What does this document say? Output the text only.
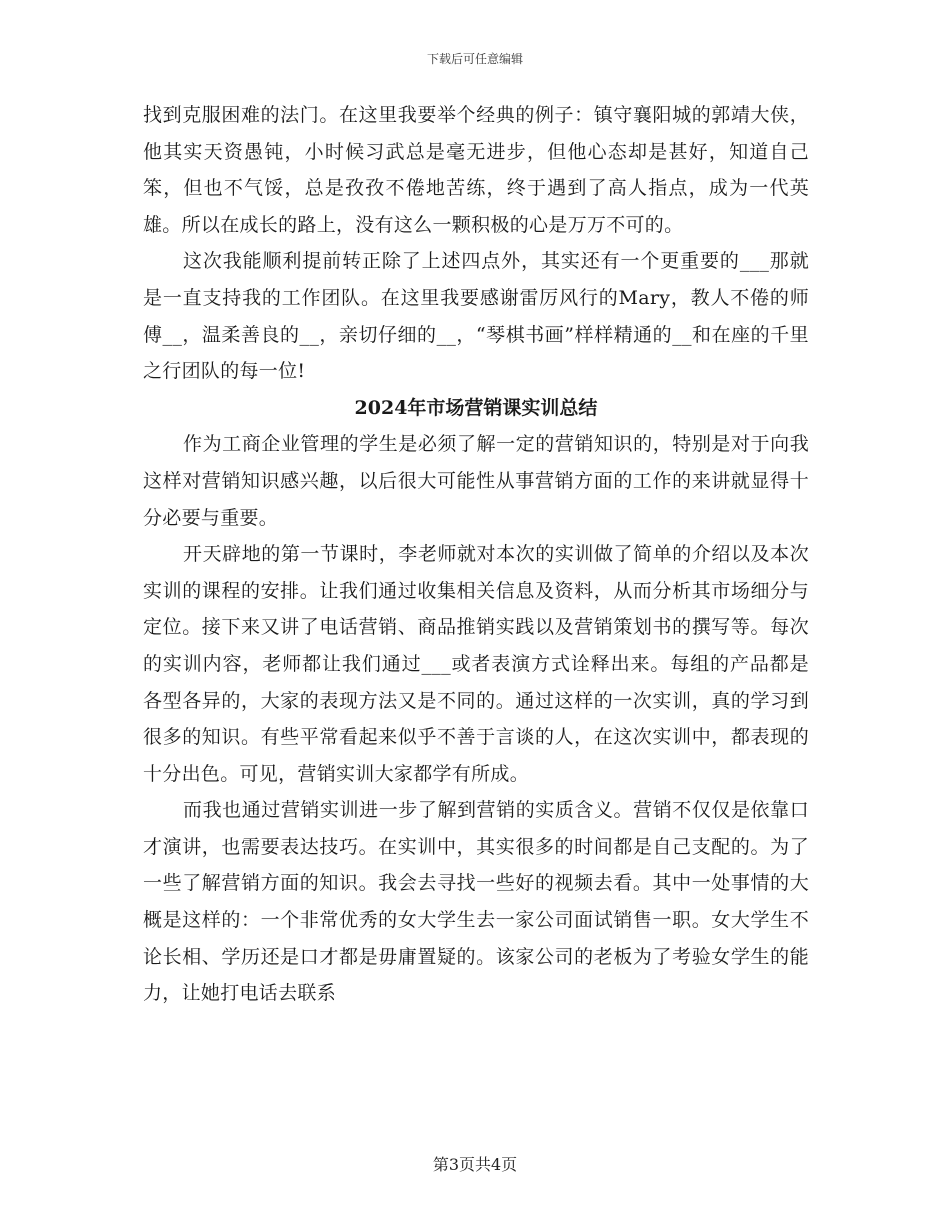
下载后可任意编辑

找到克服困难的法门。在这里我要举个经典的例子：镇守襄阳城的郭靖大侠，他其实天资愚钝，小时候习武总是毫无进步，但他心态却是甚好，知道自己笨，但也不气馁，总是孜孜不倦地苦练，终于遇到了高人指点，成为一代英雄。所以在成长的路上，没有这么一颗积极的心是万万不可的。

这次我能顺利提前转正除了上述四点外，其实还有一个更重要的___那就是一直支持我的工作团队。在这里我要感谢雷厉风行的Mary，教人不倦的师傅__，温柔善良的__，亲切仔细的__，“琴棋书画”样样精通的__和在座的千里之行团队的每一位!

2024年市场营销课实训总结

作为工商企业管理的学生是必须了解一定的营销知识的，特别是对于向我这样对营销知识感兴趣，以后很大可能性从事营销方面的工作的来讲就显得十分必要与重要。

开天辟地的第一节课时，李老师就对本次的实训做了简单的介绍以及本次实训的课程的安排。让我们通过收集相关信息及资料，从而分析其市场细分与定位。接下来又讲了电话营销、商品推销实践以及营销策划书的撰写等。每次的实训内容，老师都让我们通过___或者表演方式诠释出来。每组的产品都是各型各异的，大家的表现方法又是不同的。通过这样的一次实训，真的学习到很多的知识。有些平常看起来似乎不善于言谈的人，在这次实训中，都表现的十分出色。可见，营销实训大家都学有所成。

而我也通过营销实训进一步了解到营销的实质含义。营销不仅仅是依靠口才演讲，也需要表达技巧。在实训中，其实很多的时间都是自己支配的。为了一些了解营销方面的知识。我会去寻找一些好的视频去看。其中一处事情的大概是这样的：一个非常优秀的女大学生去一家公司面试销售一职。女大学生不论长相、学历还是口才都是毋庸置疑的。该家公司的老板为了考验女学生的能力，让她打电话去联系

第3页共4页
